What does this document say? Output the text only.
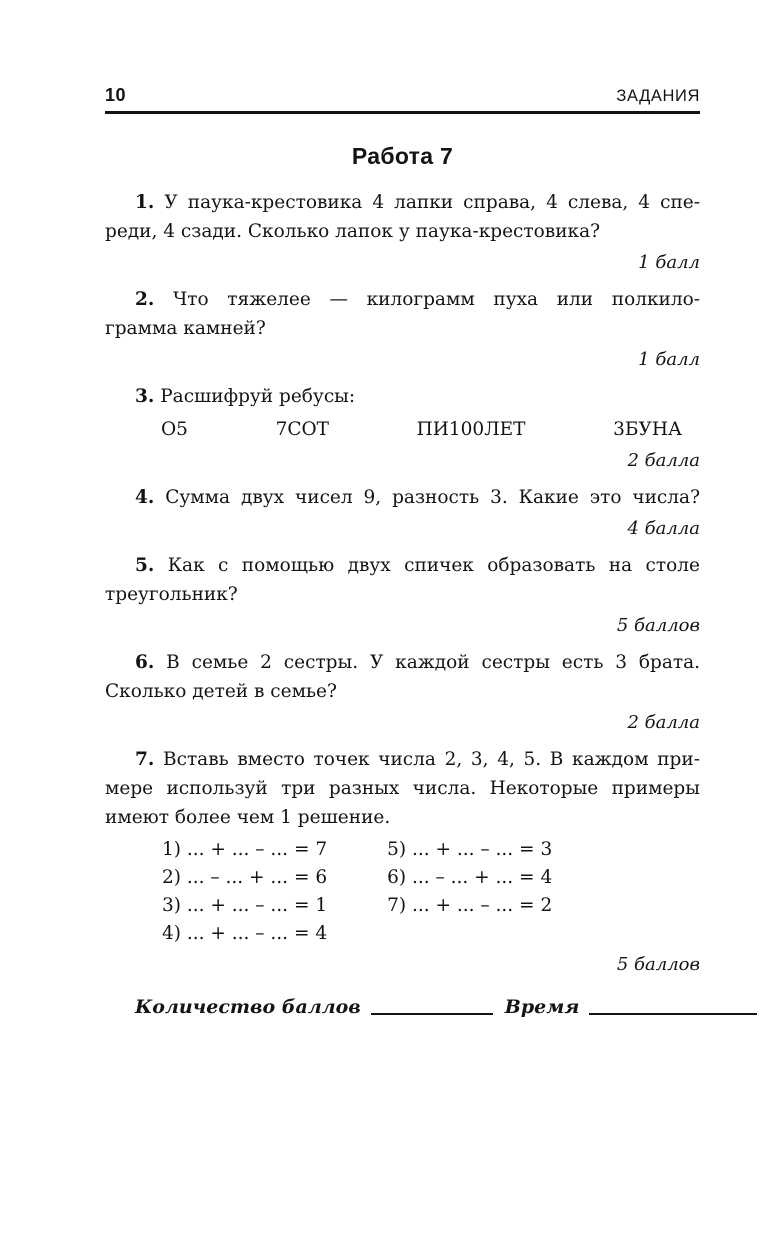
10	ЗАДАНИЯ
Работа 7
1. У паука-крестовика 4 лапки справа, 4 слева, 4 спе-
реди, 4 сзади. Сколько лапок у паука-крестовика?
1 балл
2. Что тяжелее — килограмм пуха или полкило-
грамма камней?
1 балл
3. Расшифруй ребусы:
О5	7СОТ	ПИ100ЛЕТ	3БУНА
2 балла
4. Сумма двух чисел 9, разность 3. Какие это числа?
4 балла
5. Как с помощью двух спичек образовать на столе
треугольник?
5 баллов
6. В семье 2 сестры. У каждой сестры есть 3 брата.
Сколько детей в семье?
2 балла
7. Вставь вместо точек числа 2, 3, 4, 5. В каждом при-
мере используй три разных числа. Некоторые примеры
имеют более чем 1 решение.
1) ... + ... – ... = 7
2) ... – ... + ... = 6
3) ... + ... – ... = 1
4) ... + ... – ... = 4
5) ... + ... – ... = 3
6) ... – ... + ... = 4
7) ... + ... – ... = 2
5 баллов
Количество баллов	Время
